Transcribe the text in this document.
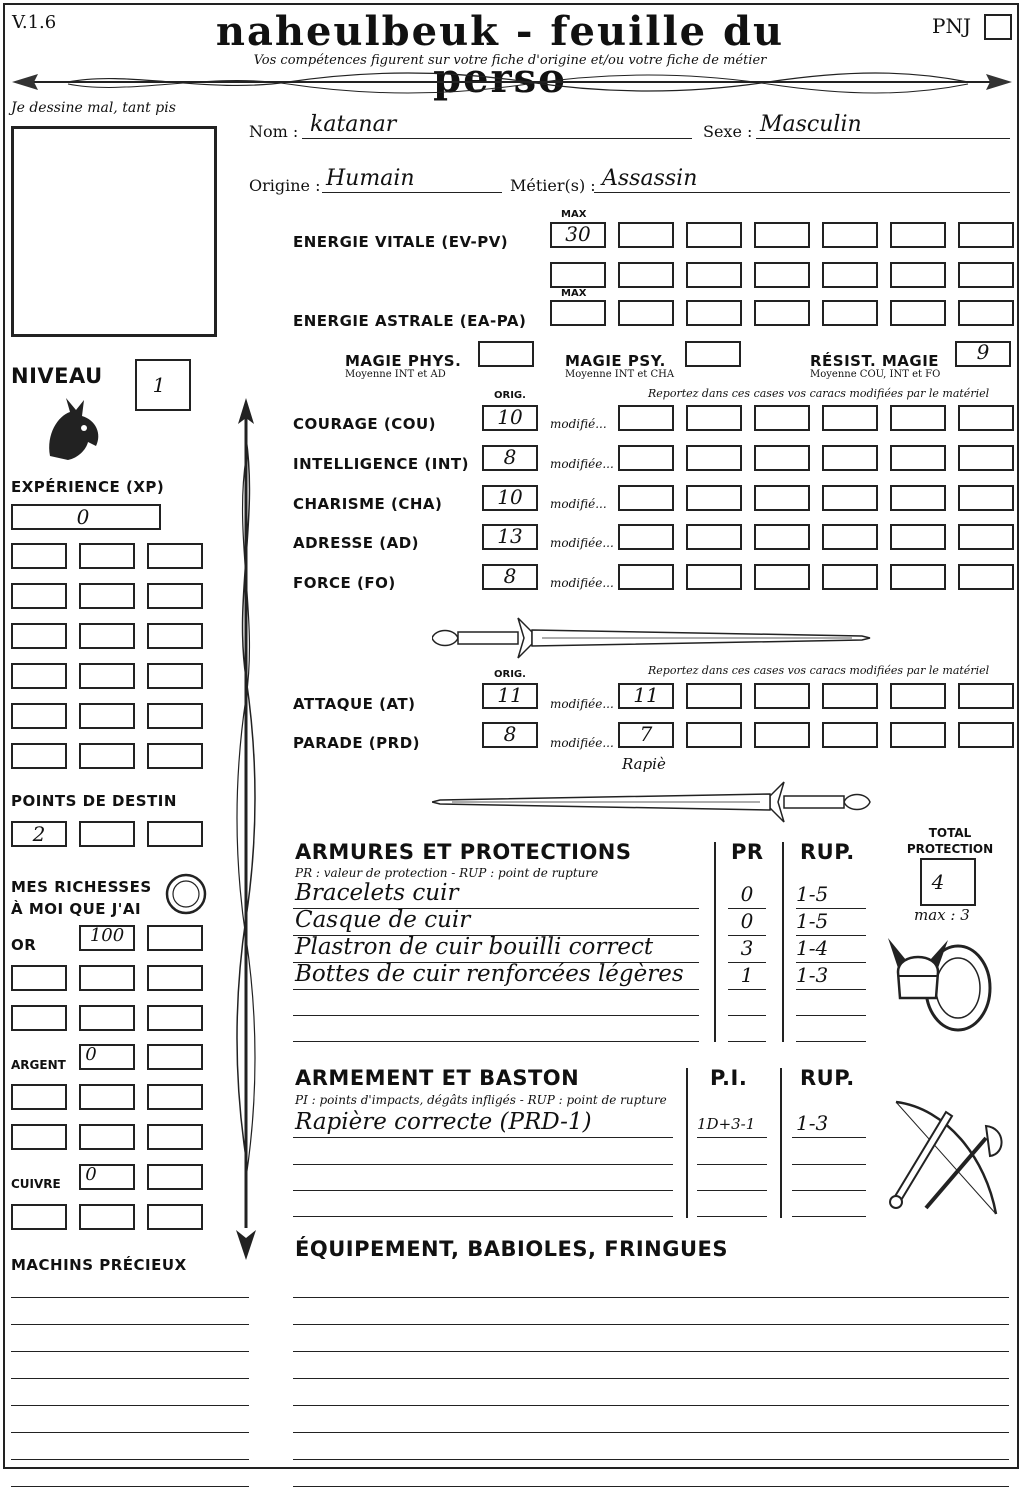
V.1.6	naheulbeuk - feuille du perso
Vos compétences figurent sur votre fiche d'origine et/ou votre fiche de métier
PNJ
Je dessine mal, tant pis
Nom : katanar	Sexe : Masculin
Origine : Humain	Métier(s) : Assassin
MAX
ENERGIE VITALE (EV-PV)	30
MAX
ENERGIE ASTRALE (EA-PA)
MAGIE PHYS.
Moyenne INT et AD
MAGIE PSY.
Moyenne INT et CHA
RÉSIST. MAGIE
Moyenne COU, INT et FO
9
NIVEAU	1
EXPÉRIENCE (XP)
0
POINTS DE DESTIN
2
MES RICHESSES
À MOI QUE J'AI
OR	100
ARGENT 0
CUIVRE 0
MACHINS PRÉCIEUX
ORIG.	Reportez dans ces cases vos caracs modifiées par le matériel
ORIG.	Reportez dans ces cases vos caracs modifiées par le matériel
Rapiè
ARMURES ET PROTECTIONS
PR : valeur de protection - RUP : point de rupture
PR RUP.
TOTAL
PROTECTION
4
max : 3
ARMEMENT ET BASTON
PI : points d'impacts, dégâts infligés - RUP : point de rupture
P.I.	RUP.
ÉQUIPEMENT, BABIOLES, FRINGUES
COURAGE (COU)	10	modifié...
INTELLIGENCE (INT)	8	modifiée...
CHARISME (CHA)	10	modifié...
ADRESSE (AD)	13	modifiée...
FORCE (FO)	8	modifiée...
ATTAQUE (AT)	11	modifiée... 11
PARADE (PRD)	8	modifiée...	7
Bracelets cuir	0	1-5
Casque de cuir	0	1-5
Plastron de cuir bouilli correct	3	1-4
Bottes de cuir renforcées légères	1	1-3
Rapière correcte (PRD-1)	1D+3-1 1-3
